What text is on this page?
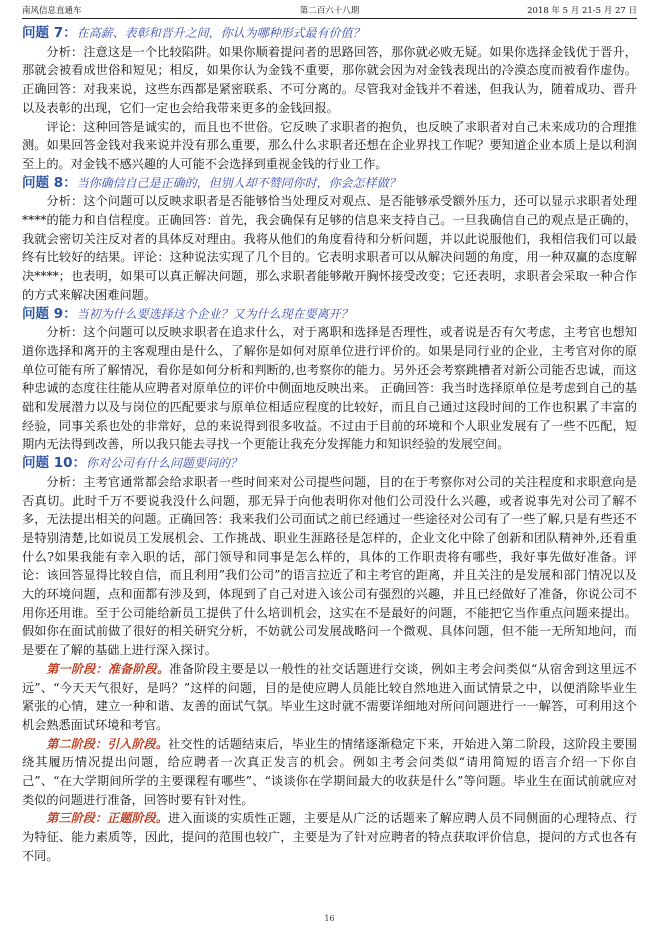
南风信息直通车	第二百六十八期	2018 年 5 月 21-5 月 27 日
问题 7：在高薪、表彰和晋升之间，你认为哪种形式最有价值？

分析：注意这是一个比较陷阱。如果你顺着提问者的思路回答，那你就必败无疑。如果你选择金钱优于晋升，那就会被看成世俗和短见；相反，如果你认为金钱不重要，那你就会因为对金钱表现出的冷漠态度而被看作虚伪。 正确回答：对我来说，这些东西都是紧密联系、不可分离的。尽管我对金钱并不着迷，但我认为，随着成功、晋升以及表彰的出现，它们一定也会给我带来更多的金钱回报。

评论：这种回答是诚实的，而且也不世俗。它反映了求职者的抱负，也反映了求职者对自己未来成功的合理推测。如果回答金钱对我来说并没有那么重要，那么什么求职者还想在企业界找工作呢？要知道企业本质上是以利润至上的。对金钱不感兴趣的人可能不会选择到重视金钱的行业工作。

问题 8：当你确信自己是正确的，但别人却不赞同你时，你会怎样做？

分析：这个问题可以反映求职者是否能够恰当处理反对观点、是否能够承受额外压力，还可以显示求职者处理****的能力和自信程度。正确回答：首先，我会确保有足够的信息来支持自己。一旦我确信自己的观点是正确的，我就会密切关注反对者的具体反对理由。我将从他们的角度看待和分析问题，并以此说服他们，我相信我们可以最终有比较好的结果。评论：这种说法实现了几个目的。它表明求职者可以从解决问题的角度，用一种双赢的态度解决****；也表明，如果可以真正解决问题，那么求职者能够敞开胸怀接受改变；它还表明，求职者会采取一种合作的方式来解决困难问题。

问题 9：当初为什么要选择这个企业？又为什么现在要离开？

分析：这个问题可以反映求职者在追求什么，对于离职和选择是否理性，或者说是否有欠考虑，主考官也想知道你选择和离开的主客观理由是什么，了解你是如何对原单位进行评价的。如果是同行业的企业，主考官对你的原单位可能有所了解情况，看你是如何分析和判断的,也考察你的能力。另外还会考察跳槽者对新公司能否忠诚，而这种忠诚的态度往往能从应聘者对原单位的评价中侧面地反映出来。 正确回答：我当时选择原单位是考虑到自己的基础和发展潜力以及与岗位的匹配要求与原单位相适应程度的比较好，而且自己通过这段时间的工作也积累了丰富的经验，同事关系也处的非常好，总的来说得到很多收益。不过由于目前的环境和个人职业发展有了一些不匹配，短期内无法得到改善，所以我只能去寻找一个更能让我充分发挥能力和知识经验的发展空间。

问题 10：你对公司有什么问题要问的？

分析：主考官通常都会给求职者一些时间来对公司提些问题，目的在于考察你对公司的关注程度和求职意向是否真切。此时千万不要说我没什么问题，那无异于向他表明你对他们公司没什么兴趣，或者说事先对公司了解不多，无法提出相关的问题。正确回答：我来我们公司面试之前已经通过一些途径对公司有了一些了解,只是有些还不是特别清楚,比如说员工发展机会、工作挑战、职业生涯路径是怎样的，企业文化中除了创新和团队精神外,还看重什么?如果我能有幸入职的话，部门领导和同事是怎么样的，具体的工作职责将有哪些，我好事先做好准备。评论：该回答显得比较自信，而且利用”我们公司”的语言拉近了和主考官的距离，并且关注的是发展和部门情况以及大的环境问题，点和面都有涉及到，体现到了自己对进入该公司有强烈的兴趣，并且已经做好了准备，你说公司不用你还用谁。至于公司能给新员工提供了什么培训机会，这实在不是最好的问题，不能把它当作重点问题来提出。假如你在面试前做了很好的相关研究分析，不妨就公司发展战略问一个微观、具体问题，但不能一无所知地问，而是要在了解的基础上进行深入探讨。

第一阶段：准备阶段。准备阶段主要是以一般性的社交话题进行交谈，例如主考会问类似“从宿舍到这里远不远”、“今天天气很好，是吗？”这样的问题，目的是使应聘人员能比较自然地进入面试情景之中，以便消除毕业生紧张的心情，建立一种和谐、友善的面试气氛。毕业生这时就不需要详细地对所问问题进行一一解答，可利用这个机会熟悉面试环境和考官。

第二阶段：引入阶段。社交性的话题结束后，毕业生的情绪逐渐稳定下来，开始进入第二阶段，这阶段主要围绕其履历情况提出问题，给应聘者一次真正发言的机会。例如主考会问类似“请用简短的语言介绍一下你自己”、“在大学期间所学的主要课程有哪些”、“谈谈你在学期间最大的收获是什么”等问题。毕业生在面试前就应对类似的问题进行准备，回答时要有针对性。

第三阶段：正题阶段。进入面谈的实质性正题，主要是从广泛的话题来了解应聘人员不同侧面的心理特点、行为特征、能力素质等，因此，提问的范围也较广，主要是为了针对应聘者的特点获取评价信息，提问的方式也各有不同。

16
